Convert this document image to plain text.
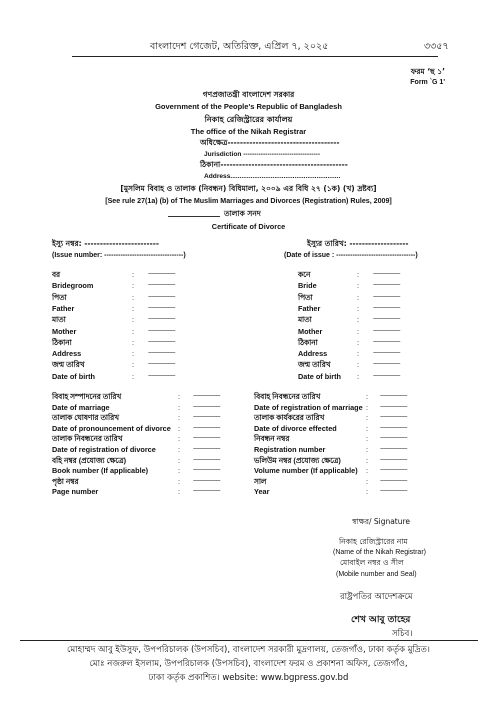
বাংলাদেশ গেজেট, অতিরিক্ত, এপ্রিল ৭, ২০২৫	৩৩৫৭
ফরম ‘ছ ১’
Form `G 1'
গণপ্রজাতন্ত্রী বাংলাদেশ সরকার
Government of the People's Republic of Bangladesh
নিকাহ রেজিস্ট্রারের কার্যালয়
The office of the Nikah Registrar
অধিক্ষেত্র------------------------------------
Jurisdiction -----------------------------------
ঠিকানা-----------------------------------------
Address............................................................
[মুসলিম বিবাহ ও তালাক (নিবন্ধন) বিধিমালা, ২০০৯ এর বিধি ২৭ (১ক) (খ) দ্রষ্টব্য]
[See rule 27(1a) (b) of The Muslim Marriages and Divorces (Registration) Rules, 2009]
তালাক সনদ
Certificate of Divorce
ইস্যু নম্বর: ------------------------
(Issue number: ----------------------------------)
ইস্যুর তারিখ: -------------------
(Date of issue : ----------------------------------)
বর	: ------------------
Bridegroom	: ------------------
পিতা	: ------------------
Father	: ------------------
মাতা	: ------------------
Mother	: ------------------
ঠিকানা	: ------------------
Address	: ------------------
জন্ম তারিখ	: ------------------
Date of birth	: ------------------
কনে	: ------------------
Bride	: ------------------
পিতা	: ------------------
Father	: ------------------
মাতা	: ------------------
Mother	: ------------------
ঠিকানা	: ------------------
Address	: ------------------
জন্ম তারিখ	: ------------------
Date of birth : ------------------
বিবাহ সম্পাদনের তারিখ	: ------------------
Date of marriage	: ------------------
তালাক ঘোষণার তারিখ	: ------------------
Date of pronouncement of divorce : ------------------
তালাক নিবন্ধনের তারিখ	: ------------------
Date of registration of divorce	: ------------------
বহি নম্বর (প্রযোজ্য ক্ষেত্রে)	: ------------------
Book number (If applicable)	: ------------------
পৃষ্ঠা নম্বর	: ------------------
Page number	: ------------------
বিবাহ নিবন্ধনের তারিখ	: ------------------
Date of registration of marriage : ------------------
তালাক কার্যকরের তারিখ	: ------------------
Date of divorce effected	: ------------------
নিবন্ধন নম্বর	: ------------------
Registration number	: ------------------
ভলিউম নম্বর (প্রযোজ্য ক্ষেত্রে)	: ------------------
Volume number (If applicable) : ------------------
সাল	: ------------------
Year	: ------------------
স্বাক্ষর/ Signature
নিকাহ রেজিস্ট্রারের নাম
(Name of the Nikah Registrar)
মোবাইল নম্বর ও সীল
(Mobile number and Seal)
রাষ্ট্রপতির আদেশক্রমে
শেখ আবু তাহের
সচিব।
মোহাম্মদ আবু ইউসুফ, উপপরিচালক (উপসচিব), বাংলাদেশ সরকারী মুদ্রণালয়, তেজগাঁও, ঢাকা কর্তৃক মুদ্রিত।
মোঃ নজরুল ইসলাম, উপপরিচালক (উপসচিব), বাংলাদেশ ফরম ও প্রকাশনা অফিস, তেজগাঁও,
ঢাকা কর্তৃক প্রকাশিত। website: www.bgpress.gov.bd
